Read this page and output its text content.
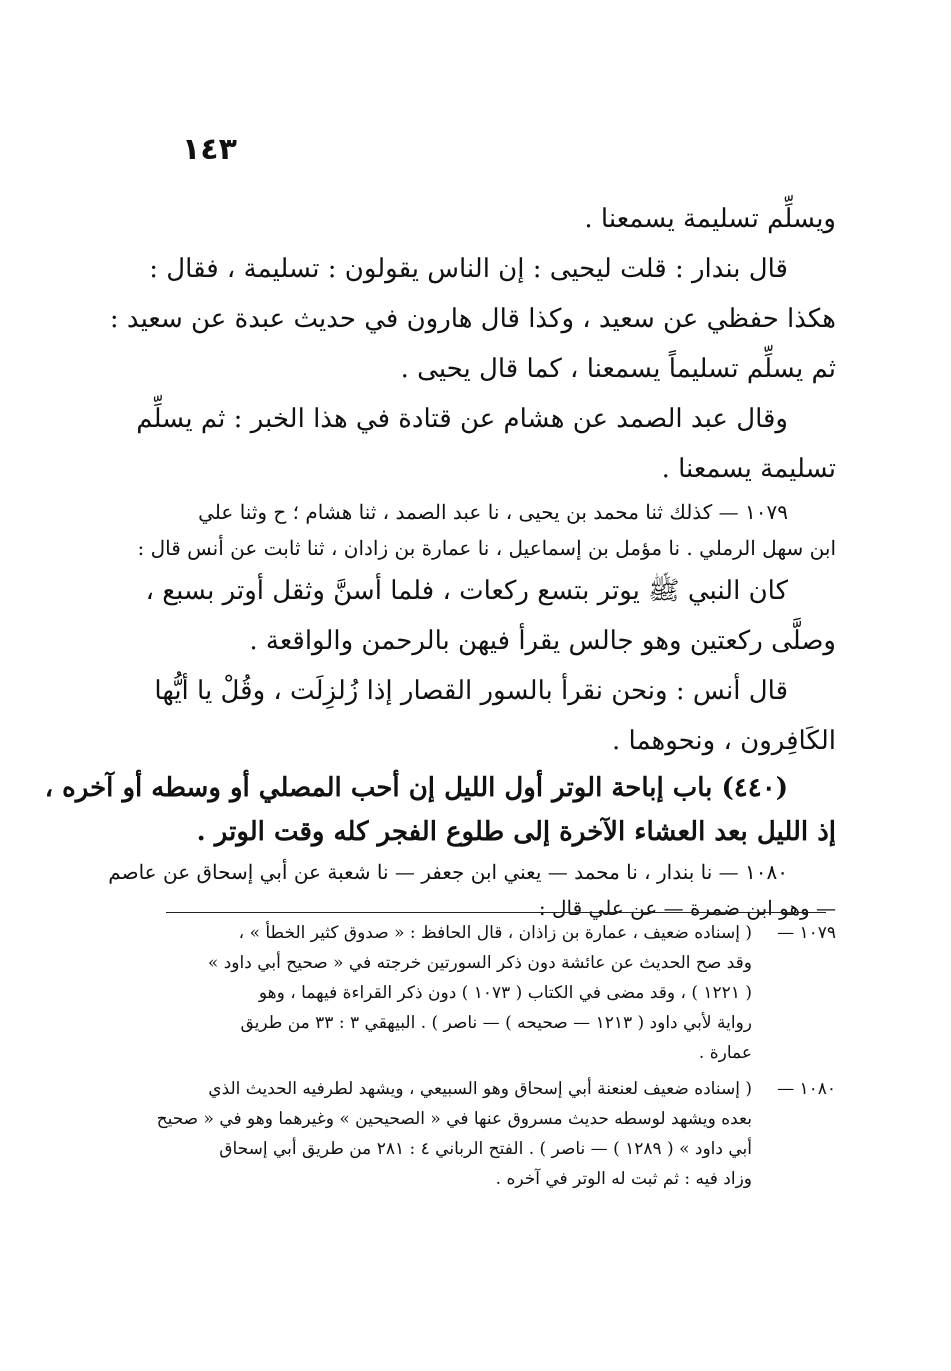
١٤٣
ويسلِّم تسليمة يسمعنا .
قال بندار : قلت ليحيى : إن الناس يقولون : تسليمة ، فقال :
هكذا حفظي عن سعيد ، وكذا قال هارون في حديث عبدة عن سعيد :
ثم يسلِّم تسليماً يسمعنا ، كما قال يحيى .
وقال عبد الصمد عن هشام عن قتادة في هذا الخبر : ثم يسلِّم
تسليمة يسمعنا .
١٠٧٩ — كذلك ثنا محمد بن يحيى ، نا عبد الصمد ، ثنا هشام ؛ ح وثنا علي
ابن سهل الرملي . نا مؤمل بن إسماعيل ، نا عمارة بن زادان ، ثنا ثابت عن أنس قال :
كان النبي ﷺ يوتر بتسع ركعات ، فلما أسنَّ وثقل أوتر بسبع ،
وصلَّى ركعتين وهو جالس يقرأ فيهن بالرحمن والواقعة .
قال أنس : ونحن نقرأ بالسور القصار إذا زُلزِلَت ، وقُلْ يا أيُّها
الكَافِرون ، ونحوهما .
(٤٤٠) باب إباحة الوتر أول الليل إن أحب المصلي أو وسطه أو آخره ،
إذ الليل بعد العشاء الآخرة إلى طلوع الفجر كله وقت الوتر .
١٠٨٠ — نا بندار ، نا محمد — يعني ابن جعفر — نا شعبة عن أبي إسحاق عن عاصم
— وهو ابن ضمرة — عن علي قال :
١٠٧٩ —
( إسناده ضعيف ، عمارة بن زاذان ، قال الحافظ : « صدوق كثير الخطأ » ،
وقد صح الحديث عن عائشة دون ذكر السورتين خرجته في « صحيح أبي داود »
( ١٢٢١ ) ، وقد مضى في الكتاب ( ١٠٧٣ ) دون ذكر القراءة فيهما ، وهو
رواية لأبي داود ( ١٢١٣ — صحيحه ) — ناصر ) . البيهقي ٣ : ٣٣ من طريق
عمارة .
١٠٨٠ —
( إسناده ضعيف لعنعنة أبي إسحاق وهو السبيعي ، ويشهد لطرفيه الحديث الذي
بعده ويشهد لوسطه حديث مسروق عنها في « الصحيحين » وغيرهما وهو في « صحيح
أبي داود » ( ١٢٨٩ ) — ناصر ) . الفتح الرباني ٤ : ٢٨١ من طريق أبي إسحاق
وزاد فيه : ثم ثبت له الوتر في آخره .
